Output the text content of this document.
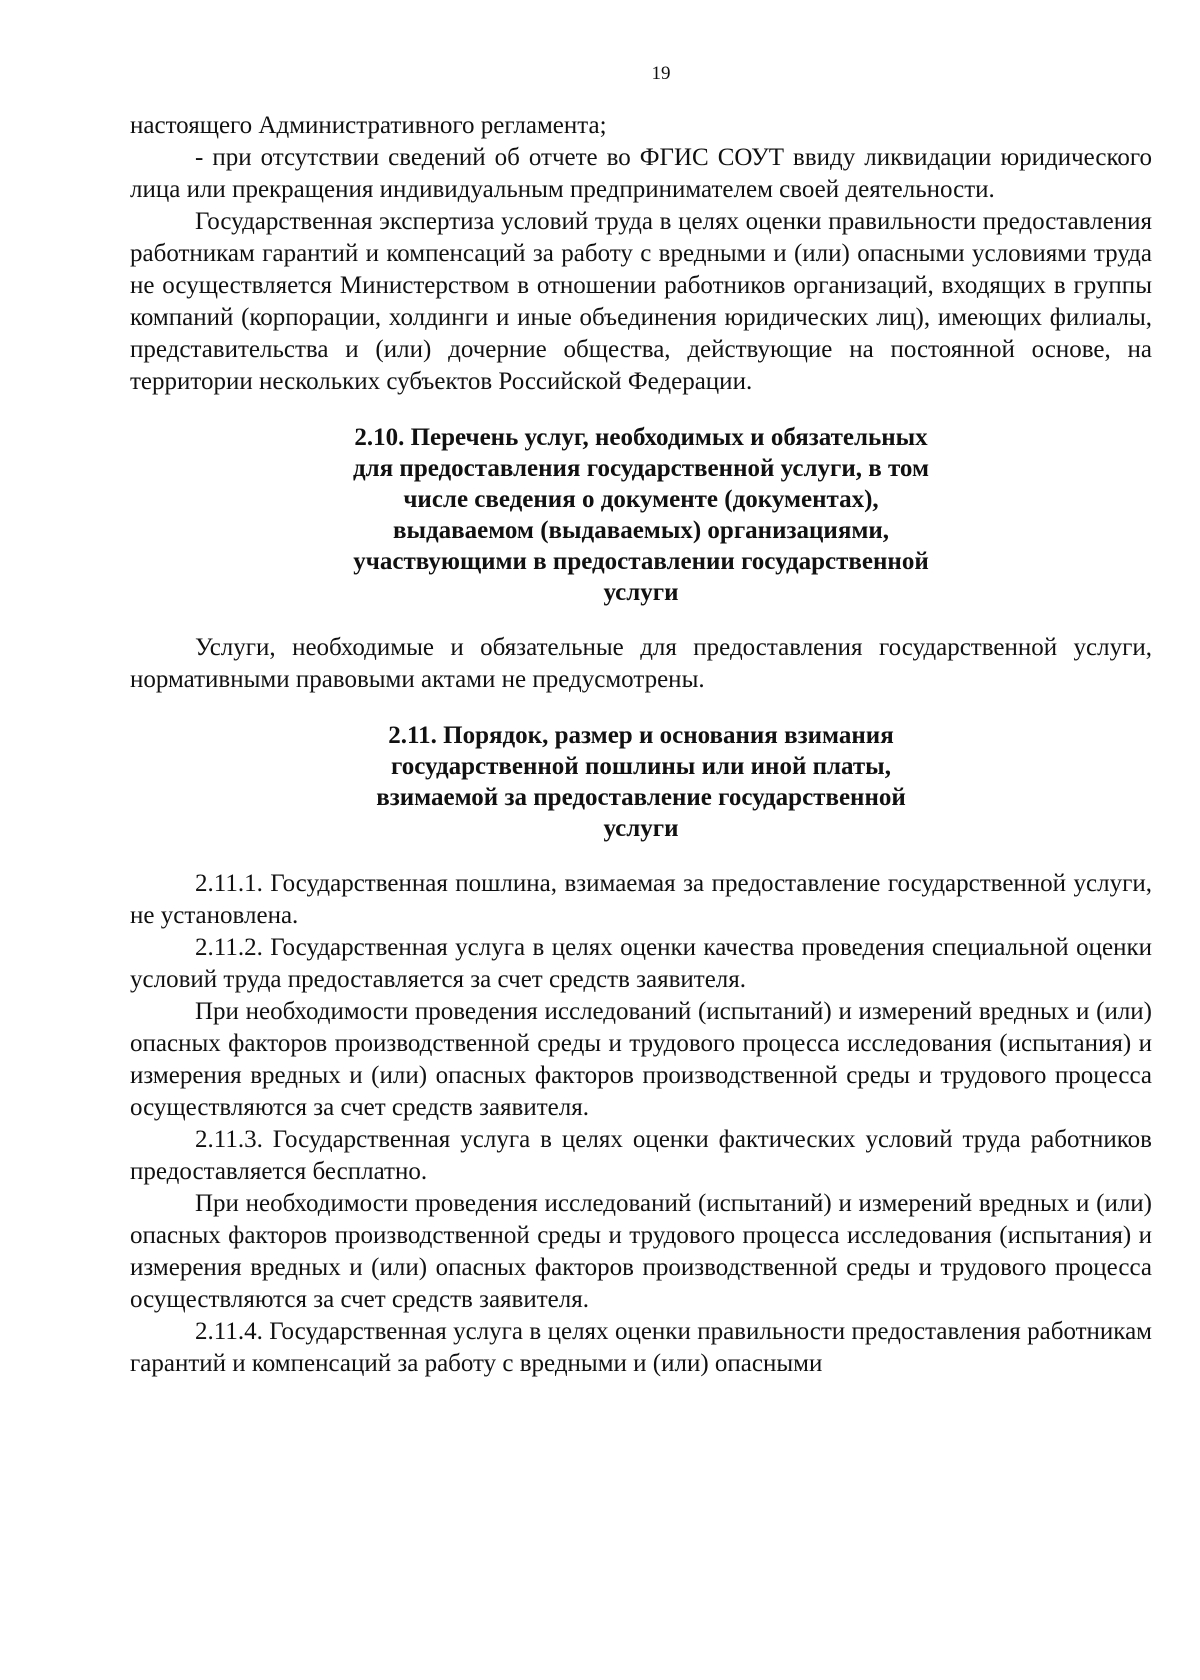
19

настоящего Административного регламента;

- при отсутствии сведений об отчете во ФГИС СОУТ ввиду ликвидации юридического лица или прекращения индивидуальным предпринимателем своей деятельности.

Государственная экспертиза условий труда в целях оценки правильности предоставления работникам гарантий и компенсаций за работу с вредными и (или) опасными условиями труда не осуществляется Министерством в отношении работников организаций, входящих в группы компаний (корпорации, холдинги и иные объединения юридических лиц), имеющих филиалы, представительства и (или) дочерние общества, действующие на постоянной основе, на территории нескольких субъектов Российской Федерации.

2.10. Перечень услуг, необходимых и обязательных
для предоставления государственной услуги, в том
числе сведения о документе (документах),
выдаваемом (выдаваемых) организациями,
участвующими в предоставлении государственной
услуги

Услуги, необходимые и обязательные для предоставления государственной услуги, нормативными правовыми актами не предусмотрены.

2.11. Порядок, размер и основания взимания
государственной пошлины или иной платы,
взимаемой за предоставление государственной
услуги

2.11.1. Государственная пошлина, взимаемая за предоставление государственной услуги, не установлена.

2.11.2. Государственная услуга в целях оценки качества проведения специальной оценки условий труда предоставляется за счет средств заявителя.

При необходимости проведения исследований (испытаний) и измерений вредных и (или) опасных факторов производственной среды и трудового процесса исследования (испытания) и измерения вредных и (или) опасных факторов производственной среды и трудового процесса осуществляются за счет средств заявителя.

2.11.3. Государственная услуга в целях оценки фактических условий труда работников предоставляется бесплатно.

При необходимости проведения исследований (испытаний) и измерений вредных и (или) опасных факторов производственной среды и трудового процесса исследования (испытания) и измерения вредных и (или) опасных факторов производственной среды и трудового процесса осуществляются за счет средств заявителя.

2.11.4. Государственная услуга в целях оценки правильности предоставления работникам гарантий и компенсаций за работу с вредными и (или) опасными
